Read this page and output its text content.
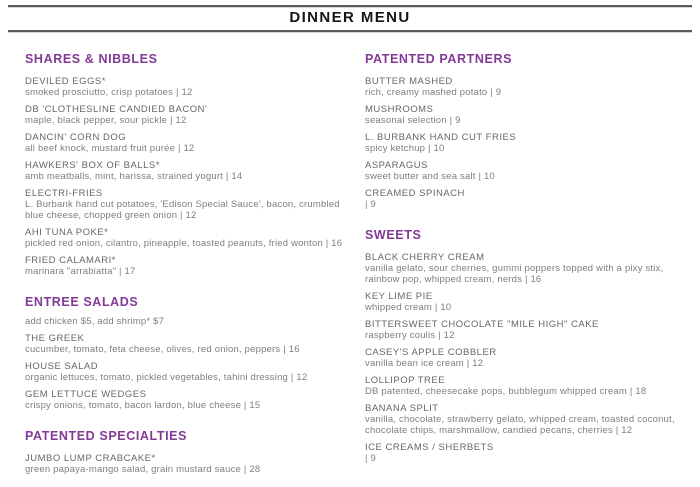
DINNER MENU
SHARES & NIBBLES
DEVILED EGGS*
smoked prosciutto, crisp potatoes | 12
DB 'CLOTHESLINE CANDIED BACON'
maple, black pepper, sour pickle | 12
DANCIN' CORN DOG
all beef knock, mustard fruit purée | 12
HAWKERS' BOX OF BALLS*
amb meatballs, mint, harissa, strained yogurt | 14
ELECTRI-FRIES
L. Burbank hand cut potatoes, 'Edison Special Sauce', bacon, crumbled blue cheese, chopped green onion | 12
AHI TUNA POKE*
pickled red onion, cilantro, pineapple, toasted peanuts, fried wonton | 16
FRIED CALAMARI*
marinara "arrabiatta" | 17
ENTREE SALADS
add chicken $5, add shrimp* $7
THE GREEK
cucumber, tomato, feta cheese, olives, red onion, peppers | 16
HOUSE SALAD
organic lettuces, tomato, pickled vegetables, tahini dressing | 12
GEM LETTUCE WEDGES
crispy onions, tomato, bacon lardon, blue cheese | 15
PATENTED SPECIALTIES
JUMBO LUMP CRABCAKE*
green papaya-mango salad, grain mustard sauce | 28
PATENTED PARTNERS
BUTTER MASHED
rich, creamy mashed potato | 9
MUSHROOMS
seasonal selection | 9
L. BURBANK HAND CUT FRIES
spicy ketchup | 10
ASPARAGUS
sweet butter and sea salt | 10
CREAMED SPINACH
| 9
SWEETS
BLACK CHERRY CREAM
vanilla gelato, sour cherries, gummi poppers topped with a pixy stix, rainbow pop, whipped cream, nerds | 16
KEY LIME PIE
whipped cream | 10
BITTERSWEET CHOCOLATE "MILE HIGH" CAKE
raspberry coulis | 12
CASEY'S APPLE COBBLER
vanilla bean ice cream | 12
LOLLIPOP TREE
DB patented, cheesecake pops, bubblegum whipped cream | 18
BANANA SPLIT
vanilla, chocolate, strawberry gelato, whipped cream, toasted coconut, chocolate chips, marshmallow, candied pecans, cherries | 12
ICE CREAMS / SHERBETS
| 9
